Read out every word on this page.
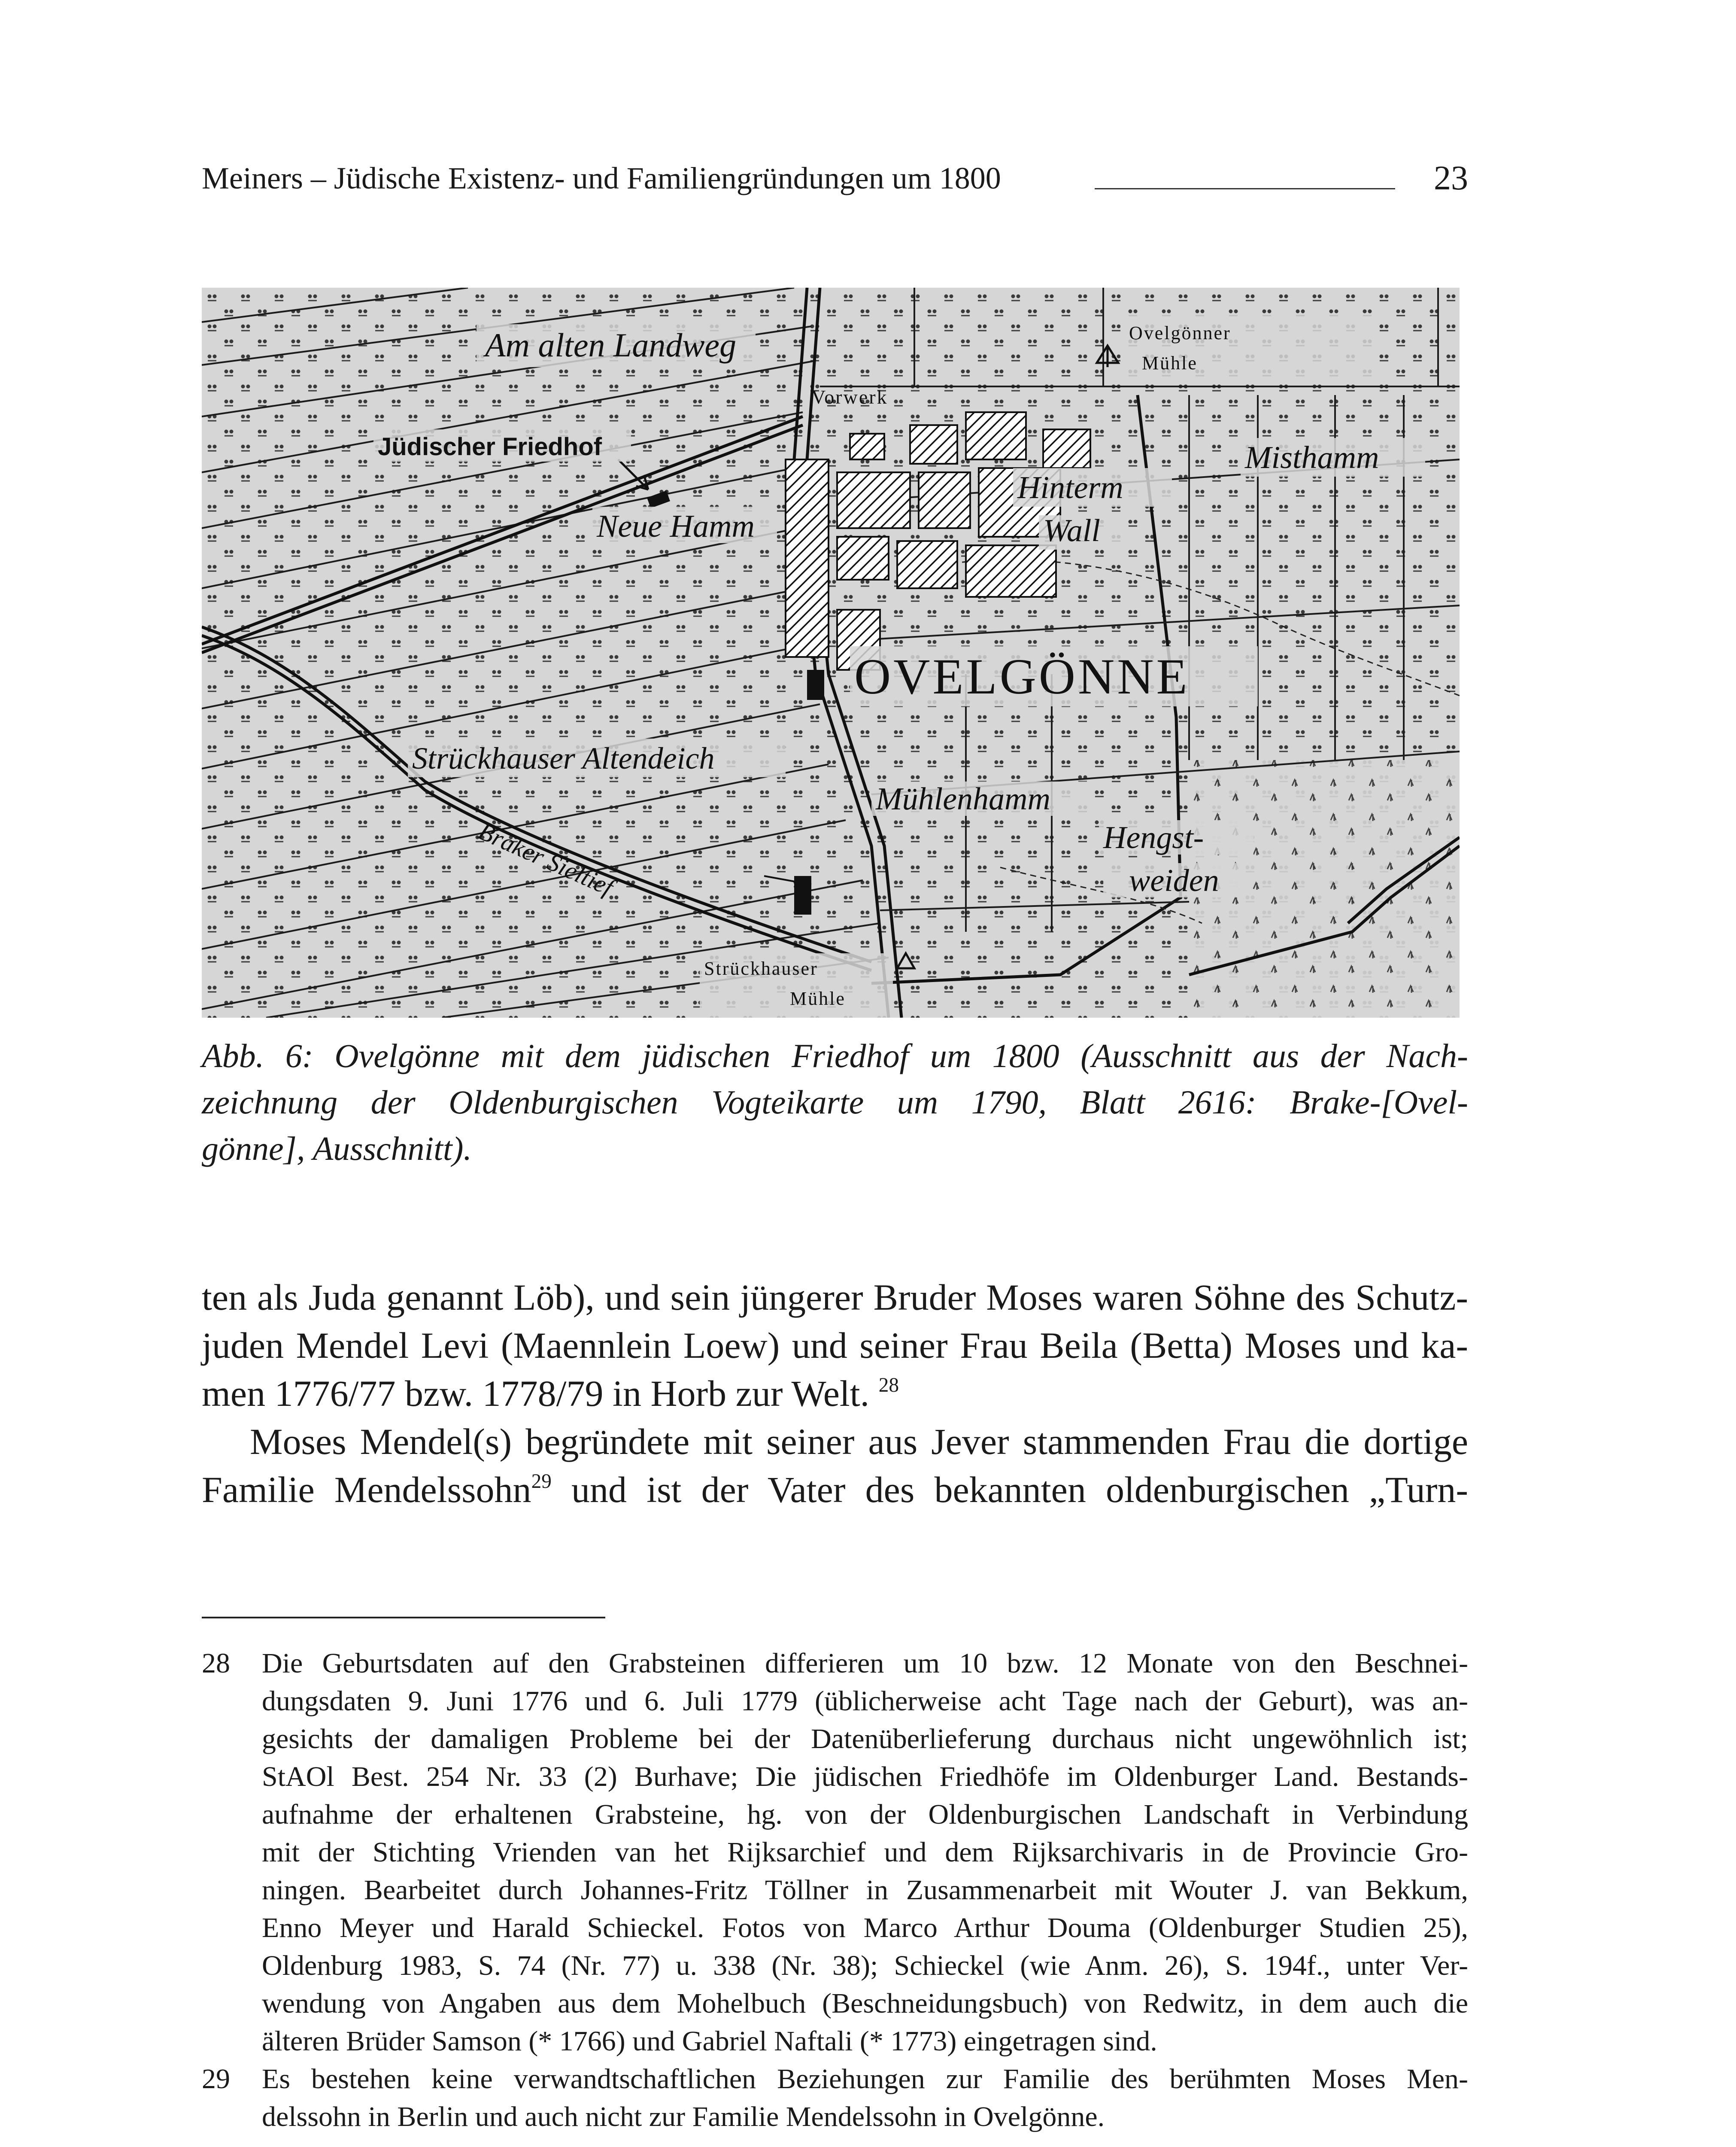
Meiners – Jüdische Existenz- und Familiengründungen um 1800	23
Am alten Landweg
Vorwerk
Ovelgönner
Mühle
Jüdischer Friedhof
Neue Hamm
Hinterm
Wall
Misthamm
OVELGÖNNE
Strückhauser Altendeich
Mühlenhamm
Hengst-
weiden
Braker Sieltief
Strückhauser
Mühle
Abb. 6: Ovelgönne mit dem jüdischen Friedhof um 1800 (Ausschnitt aus der Nach-
zeichnung der Oldenburgischen Vogteikarte um 1790, Blatt 2616: Brake-[Ovel-
gönne], Ausschnitt).
ten als Juda genannt Löb), und sein jüngerer Bruder Moses waren Söhne des Schutz-
juden Mendel Levi (Maennlein Loew) und seiner Frau Beila (Betta) Moses und ka-
men 1776/77 bzw. 1778/79 in Horb zur Welt. $^{28}$
Moses Mendel(s) begründete mit seiner aus Jever stammenden Frau die dortige
Familie Mendelssohn$^{29}$ und ist der Vater des bekannten oldenburgischen „Turn-
28 Die Geburtsdaten auf den Grabsteinen differieren um 10 bzw. 12 Monate von den Beschnei-
dungsdaten 9. Juni 1776 und 6. Juli 1779 (üblicherweise acht Tage nach der Geburt), was an-
gesichts der damaligen Probleme bei der Datenüberlieferung durchaus nicht ungewöhnlich ist;
StAOl Best. 254 Nr. 33 (2) Burhave; Die jüdischen Friedhöfe im Oldenburger Land. Bestands-
aufnahme der erhaltenen Grabsteine, hg. von der Oldenburgischen Landschaft in Verbindung
mit der Stichting Vrienden van het Rijksarchief und dem Rijksarchivaris in de Provincie Gro-
ningen. Bearbeitet durch Johannes-Fritz Töllner in Zusammenarbeit mit Wouter J. van Bekkum,
Enno Meyer und Harald Schieckel. Fotos von Marco Arthur Douma (Oldenburger Studien 25),
Oldenburg 1983, S. 74 (Nr. 77) u. 338 (Nr. 38); Schieckel (wie Anm. 26), S. 194f., unter Ver-
wendung von Angaben aus dem Mohelbuch (Beschneidungsbuch) von Redwitz, in dem auch die
älteren Brüder Samson (* 1766) und Gabriel Naftali (* 1773) eingetragen sind.
29 Es bestehen keine verwandtschaftlichen Beziehungen zur Familie des berühmten Moses Men-
delssohn in Berlin und auch nicht zur Familie Mendelssohn in Ovelgönne.
